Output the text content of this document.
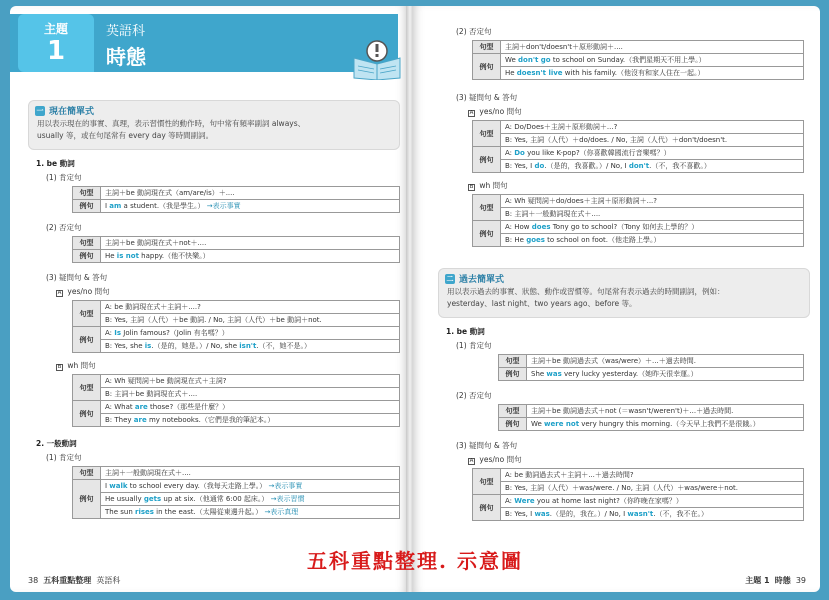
主題
1
英語科
時態
一 現在簡單式
用以表示現在的事實、真理，表示習慣性的動作時，句中常有頻率副詞 always、
usually 等，或在句尾常有 every day 等時間副詞。
1. be 動詞
(1) 肯定句
句型	主詞＋be 動詞現在式（am/are/is）＋....
例句	I am a student.（我是學生。） →表示事實
(2) 否定句
句型	主詞＋be 動詞現在式＋not＋....
例句	He is not happy.（他不快樂。）
(3) 疑問句 & 答句
A yes/no 問句
句型	A: be 動詞現在式＋主詞＋....?
	B: Yes, 主詞（人代）＋be 動詞. / No, 主詞（人代）＋be 動詞＋not.
例句	A: Is Jolin famous?（Jolin 有名嗎？）
	B: Yes, she is.（是的，她是。）/ No, she isn't.（不，她不是。）
B wh 問句
句型	A: Wh 疑問詞＋be 動詞現在式＋主詞?
	B: 主詞＋be 動詞現在式＋....
例句	A: What are those?（那些是什麼？）
	B: They are my notebooks.（它們是我的筆記本。）
2. 一般動詞
(1) 肯定句
句型	主詞＋一般動詞現在式＋....
例句	I walk to school every day.（我每天走路上學。） →表示事實
	He usually gets up at six.（他通常 6:00 起床。） →表示習慣
	The sun rises in the east.（太陽從東邊升起。） →表示真理
38 五科重點整理 英語科
(2) 否定句
句型	主詞＋don't/doesn't＋原形動詞＋....
例句	We don't go to school on Sunday.（我們星期天不用上學。）
	He doesn't live with his family.（他沒有和家人住在一起。）
(3) 疑問句 & 答句
A yes/no 問句
句型	A: Do/Does＋主詞＋原形動詞＋...?
	B: Yes, 主詞（人代）＋do/does. / No, 主詞（人代）＋don't/doesn't.
例句	A: Do you like K-pop?（你喜歡韓國流行音樂嗎？）
	B: Yes, I do.（是的，我喜歡。）/ No, I don't.（不，我不喜歡。）
B wh 問句
句型	A: Wh 疑問詞＋do/does＋主詞＋原形動詞＋...?
	B: 主詞＋一般動詞現在式＋....
例句	A: How does Tony go to school?（Tony 如何去上學的？）
	B: He goes to school on foot.（他走路上學。）
二 過去簡單式
用以表示過去的事實、狀態、動作或習慣等。句尾常有表示過去的時間副詞，例如：
yesterday、last night、two years ago、before 等。
1. be 動詞
(1) 肯定句
句型	主詞＋be 動詞過去式（was/were）＋...＋過去時間.
例句	She was very lucky yesterday.（她昨天很幸運。）
(2) 否定句
句型	主詞＋be 動詞過去式＋not (＝wasn't/weren't)＋...＋過去時間.
例句	We were not very hungry this morning.（今天早上我們不是很餓。）
(3) 疑問句 & 答句
A yes/no 問句
句型	A: be 動詞過去式＋主詞＋...＋過去時間?
	B: Yes, 主詞（人代）＋was/were. / No, 主詞（人代）＋was/were＋not.
例句	A: Were you at home last night?（你昨晚在家嗎？）
	B: Yes, I was.（是的，我在。）/ No, I wasn't.（不，我不在。）
主題 1 時態 39
五科重點整理. 示意圖
